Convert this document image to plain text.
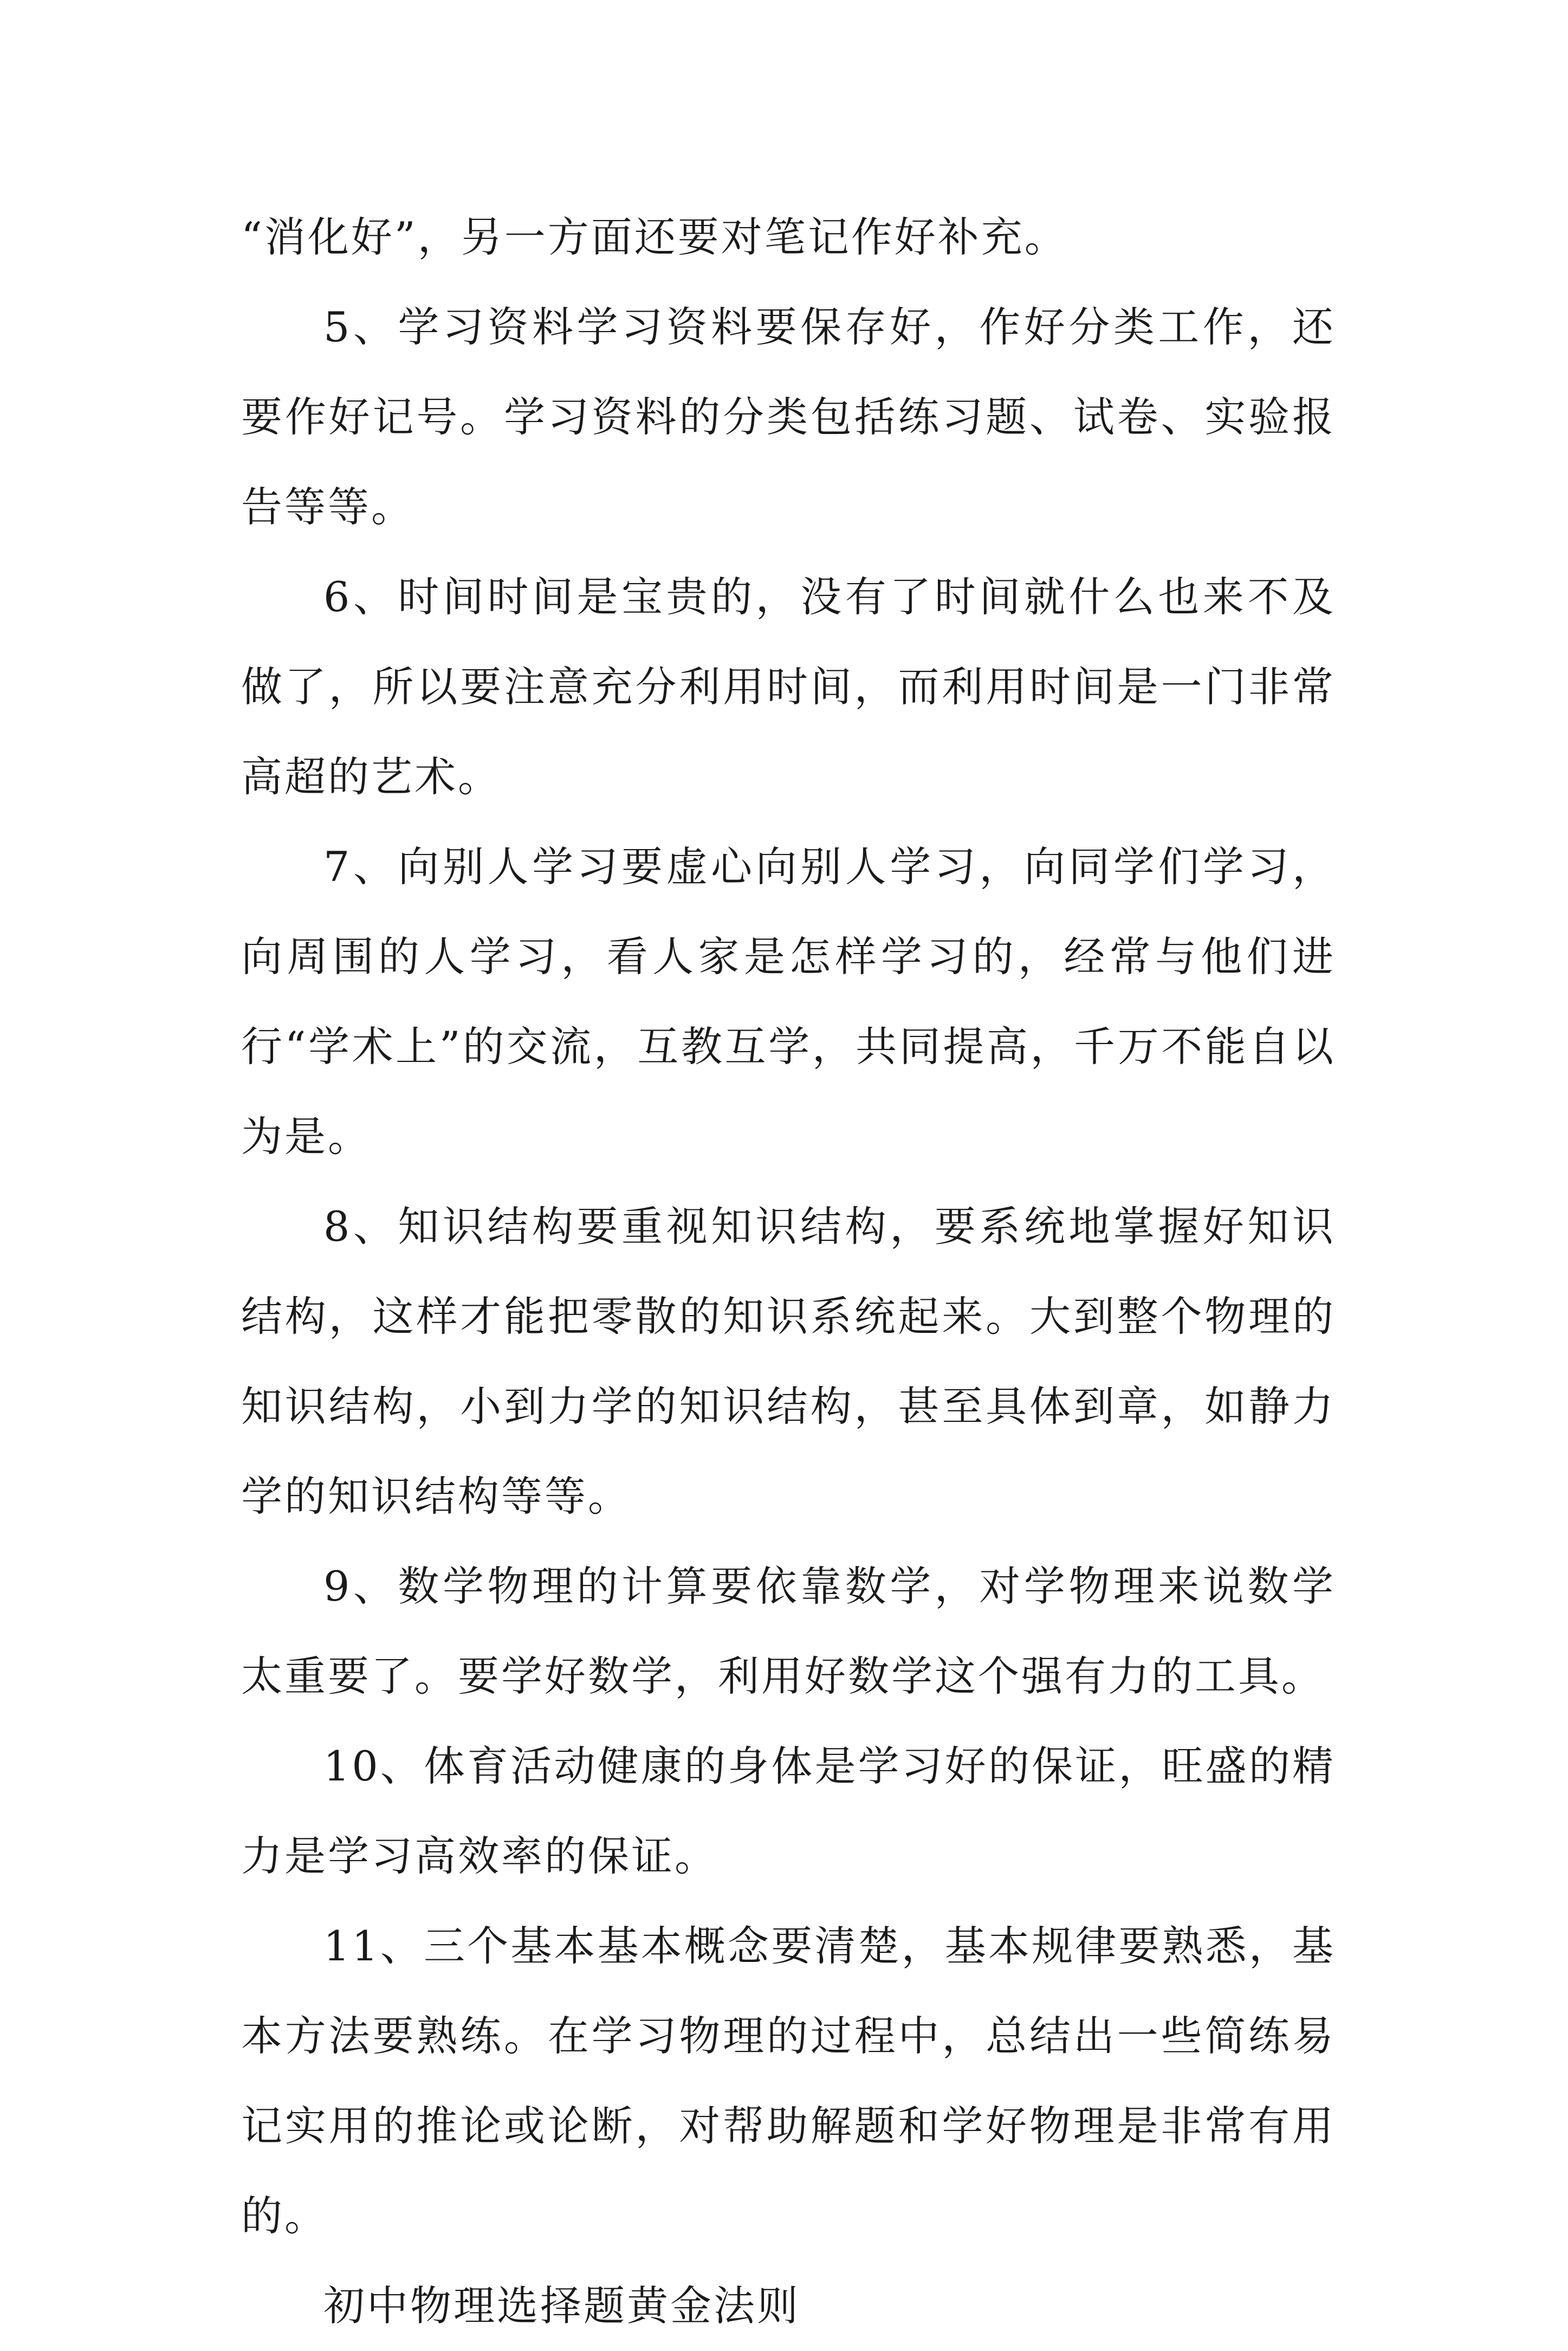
“消化好”，另一方面还要对笔记作好补充。

5、学习资料学习资料要保存好，作好分类工作，还要作好记号。学习资料的分类包括练习题、试卷、实验报告等等。

6、时间时间是宝贵的，没有了时间就什么也来不及做了，所以要注意充分利用时间，而利用时间是一门非常高超的艺术。

7、向别人学习要虚心向别人学习，向同学们学习，向周围的人学习，看人家是怎样学习的，经常与他们进行“学术上”的交流，互教互学，共同提高，千万不能自以为是。

8、知识结构要重视知识结构，要系统地掌握好知识结构，这样才能把零散的知识系统起来。大到整个物理的知识结构，小到力学的知识结构，甚至具体到章，如静力学的知识结构等等。

9、数学物理的计算要依靠数学，对学物理来说数学太重要了。要学好数学，利用好数学这个强有力的工具。

10、体育活动健康的身体是学习好的保证，旺盛的精力是学习高效率的保证。

11、三个基本基本概念要清楚，基本规律要熟悉，基本方法要熟练。在学习物理的过程中，总结出一些简练易记实用的推论或论断，对帮助解题和学好物理是非常有用的。

初中物理选择题黄金法则
